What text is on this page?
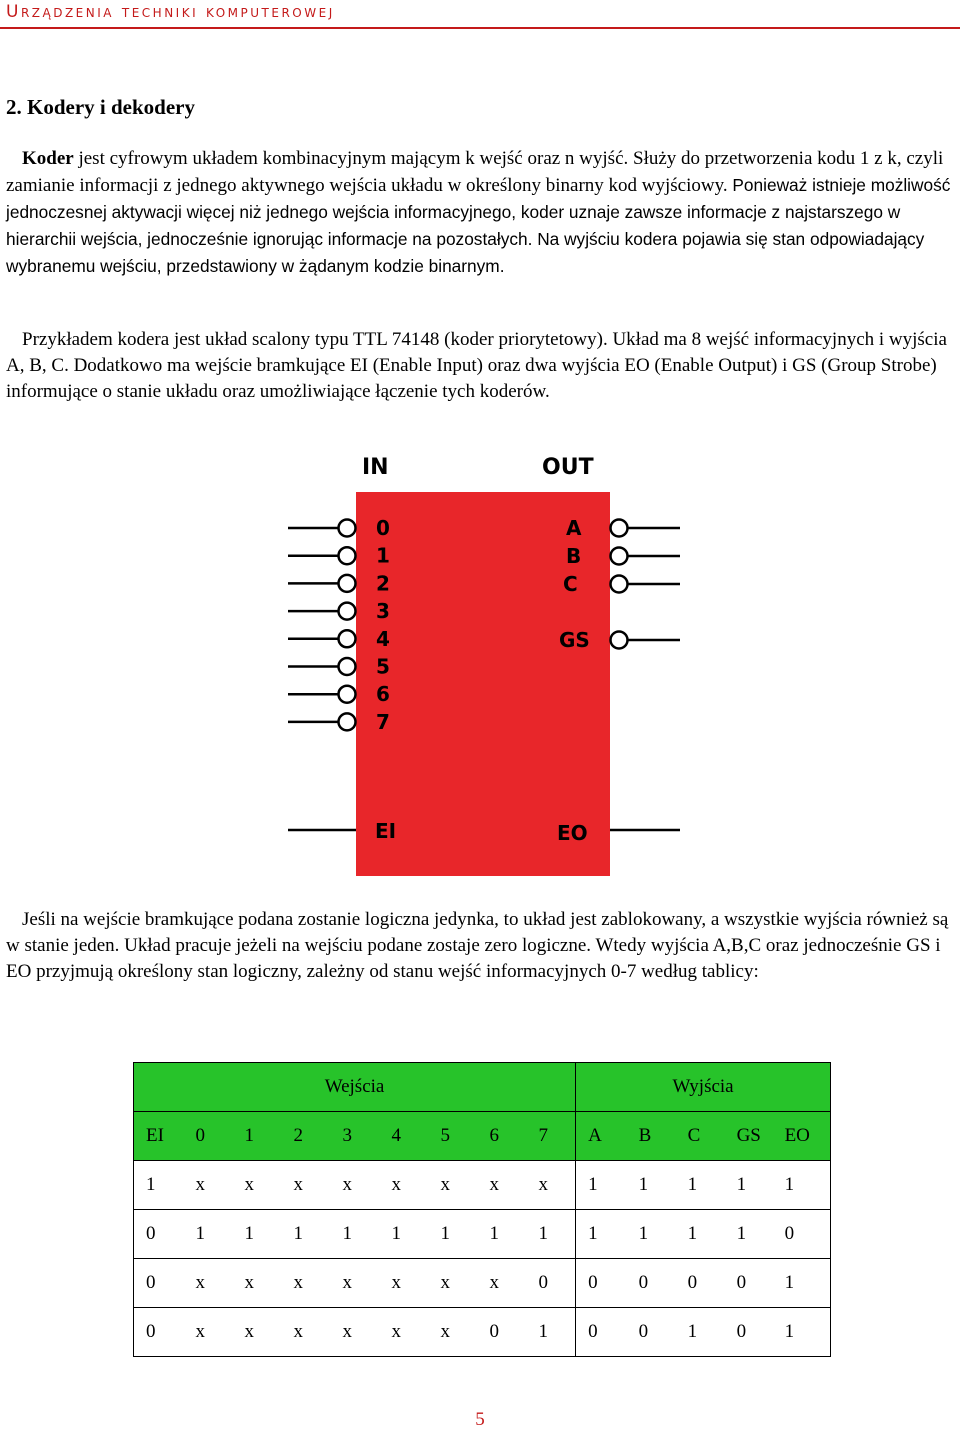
Urządzenia techniki komputerowej
2. Kodery i dekodery

Koder jest cyfrowym układem kombinacyjnym mającym k wejść oraz n wyjść. Służy do przetworzenia kodu 1 z k, czyli zamianie informacji z jednego aktywnego wejścia układu w określony binarny kod wyjściowy. Ponieważ istnieje możliwość jednoczesnej aktywacji więcej niż jednego wejścia informacyjnego, koder uznaje zawsze informacje z najstarszego w hierarchii wejścia, jednocześnie ignorując informacje na pozostałych. Na wyjściu kodera pojawia się stan odpowiadający wybranemu wejściu, przedstawiony w żądanym kodzie binarnym.

Przykładem kodera jest układ scalony typu TTL 74148 (koder priorytetowy). Układ ma 8 wejść informacyjnych i wyjścia A, B, C. Dodatkowo ma wejście bramkujące EI (Enable Input) oraz dwa wyjścia EO (Enable Output) i GS (Group Strobe) informujące o stanie układu oraz umożliwiające łączenie tych koderów.

IN	OUT
0
1
2
3
4
5
6
7
A
B
C
GS
EI	EO

Jeśli na wejście bramkujące podana zostanie logiczna jedynka, to układ jest zablokowany, a wszystkie wyjścia również są w stanie jeden. Układ pracuje jeżeli na wejściu podane zostaje zero logiczne. Wtedy wyjścia A,B,C oraz jednocześnie GS i EO przyjmują określony stan logiczny, zależny od stanu wejść informacyjnych 0-7 według tablicy:

Wejścia									Wyjścia				
EI	0	1	2	3	4	5	6	7	A	B	C	GS	EO
1	x	x	x	x	x	x	x	x	1	1	1	1	1
0	1	1	1	1	1	1	1	1	1	1	1	1	0
0	x	x	x	x	x	x	x	0	0	0	0	0	1
0	x	x	x	x	x	x	0	1	0	0	1	0	1
5
